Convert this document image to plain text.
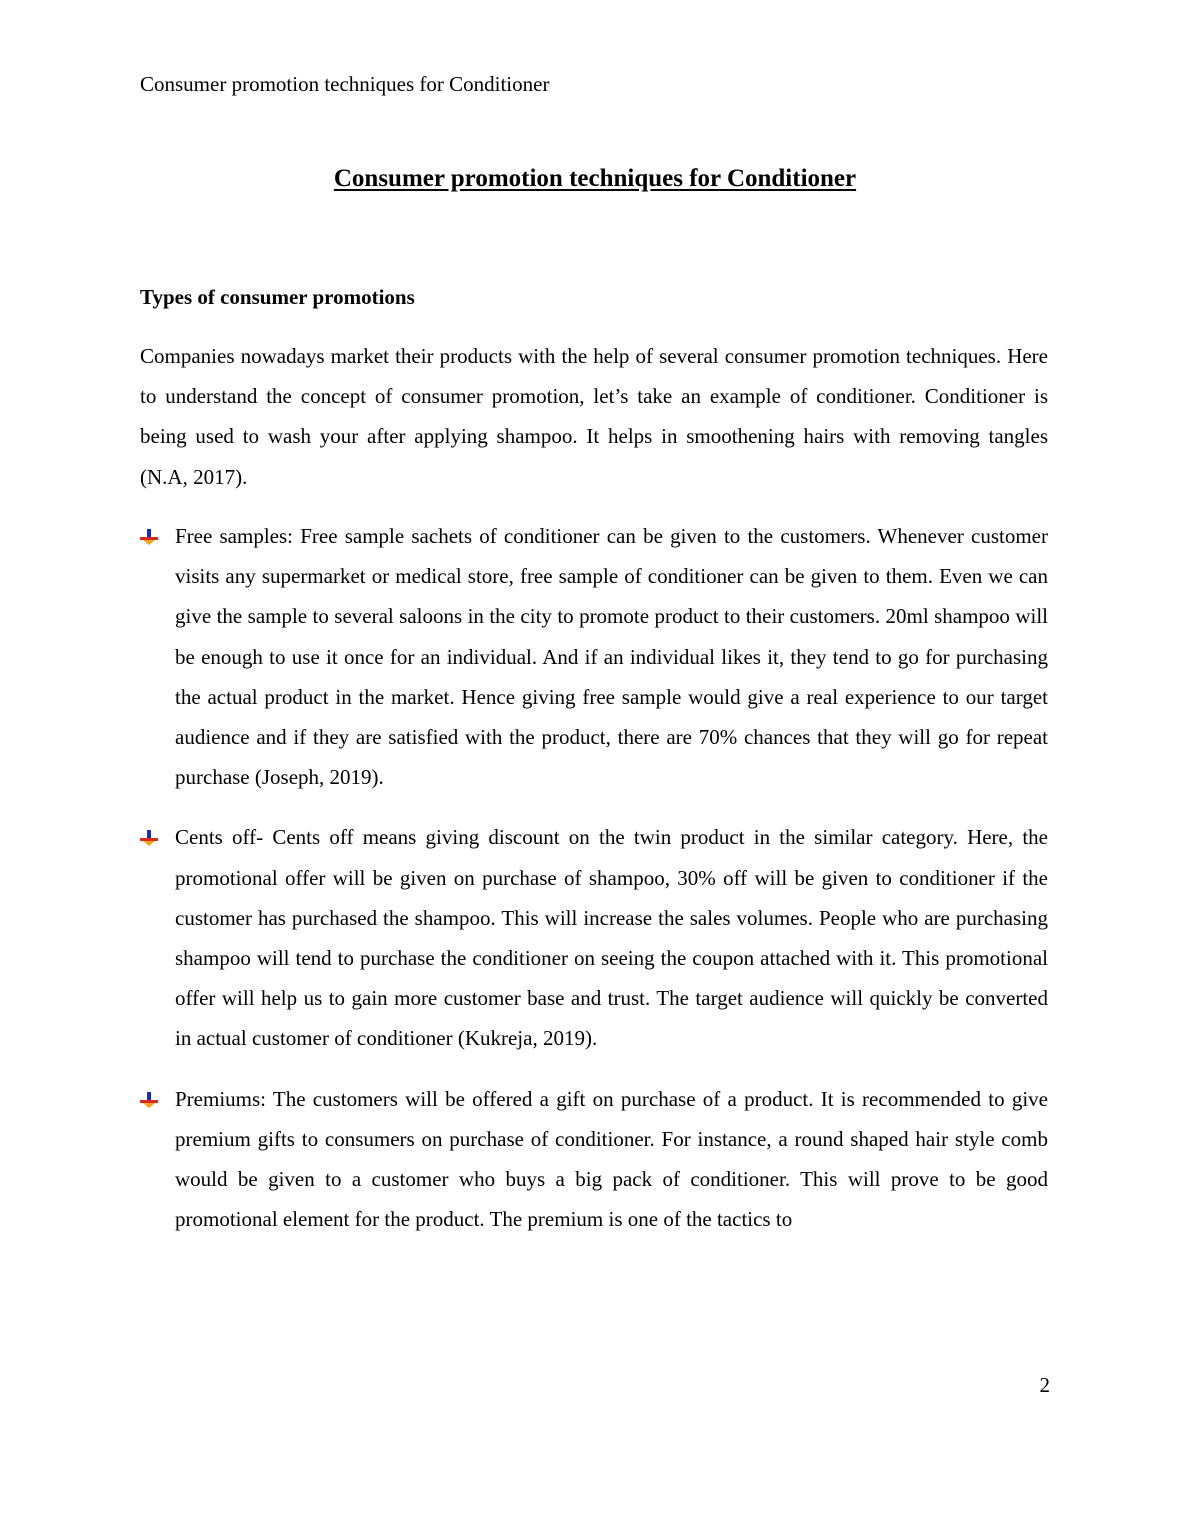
Consumer promotion techniques for Conditioner
Consumer promotion techniques for Conditioner
Types of consumer promotions

Companies nowadays market their products with the help of several consumer promotion techniques. Here to understand the concept of consumer promotion, let’s take an example of conditioner. Conditioner is being used to wash your after applying shampoo. It helps in smoothening hairs with removing tangles (N.A, 2017).

Free samples: Free sample sachets of conditioner can be given to the customers. Whenever customer visits any supermarket or medical store, free sample of conditioner can be given to them. Even we can give the sample to several saloons in the city to promote product to their customers. 20ml shampoo will be enough to use it once for an individual. And if an individual likes it, they tend to go for purchasing the actual product in the market. Hence giving free sample would give a real experience to our target audience and if they are satisfied with the product, there are 70% chances that they will go for repeat purchase (Joseph, 2019).
Cents off- Cents off means giving discount on the twin product in the similar category. Here, the promotional offer will be given on purchase of shampoo, 30% off will be given to conditioner if the customer has purchased the shampoo. This will increase the sales volumes. People who are purchasing shampoo will tend to purchase the conditioner on seeing the coupon attached with it. This promotional offer will help us to gain more customer base and trust. The target audience will quickly be converted in actual customer of conditioner (Kukreja, 2019).
Premiums: The customers will be offered a gift on purchase of a product. It is recommended to give premium gifts to consumers on purchase of conditioner. For instance, a round shaped hair style comb would be given to a customer who buys a big pack of conditioner. This will prove to be good promotional element for the product. The premium is one of the tactics to
2
